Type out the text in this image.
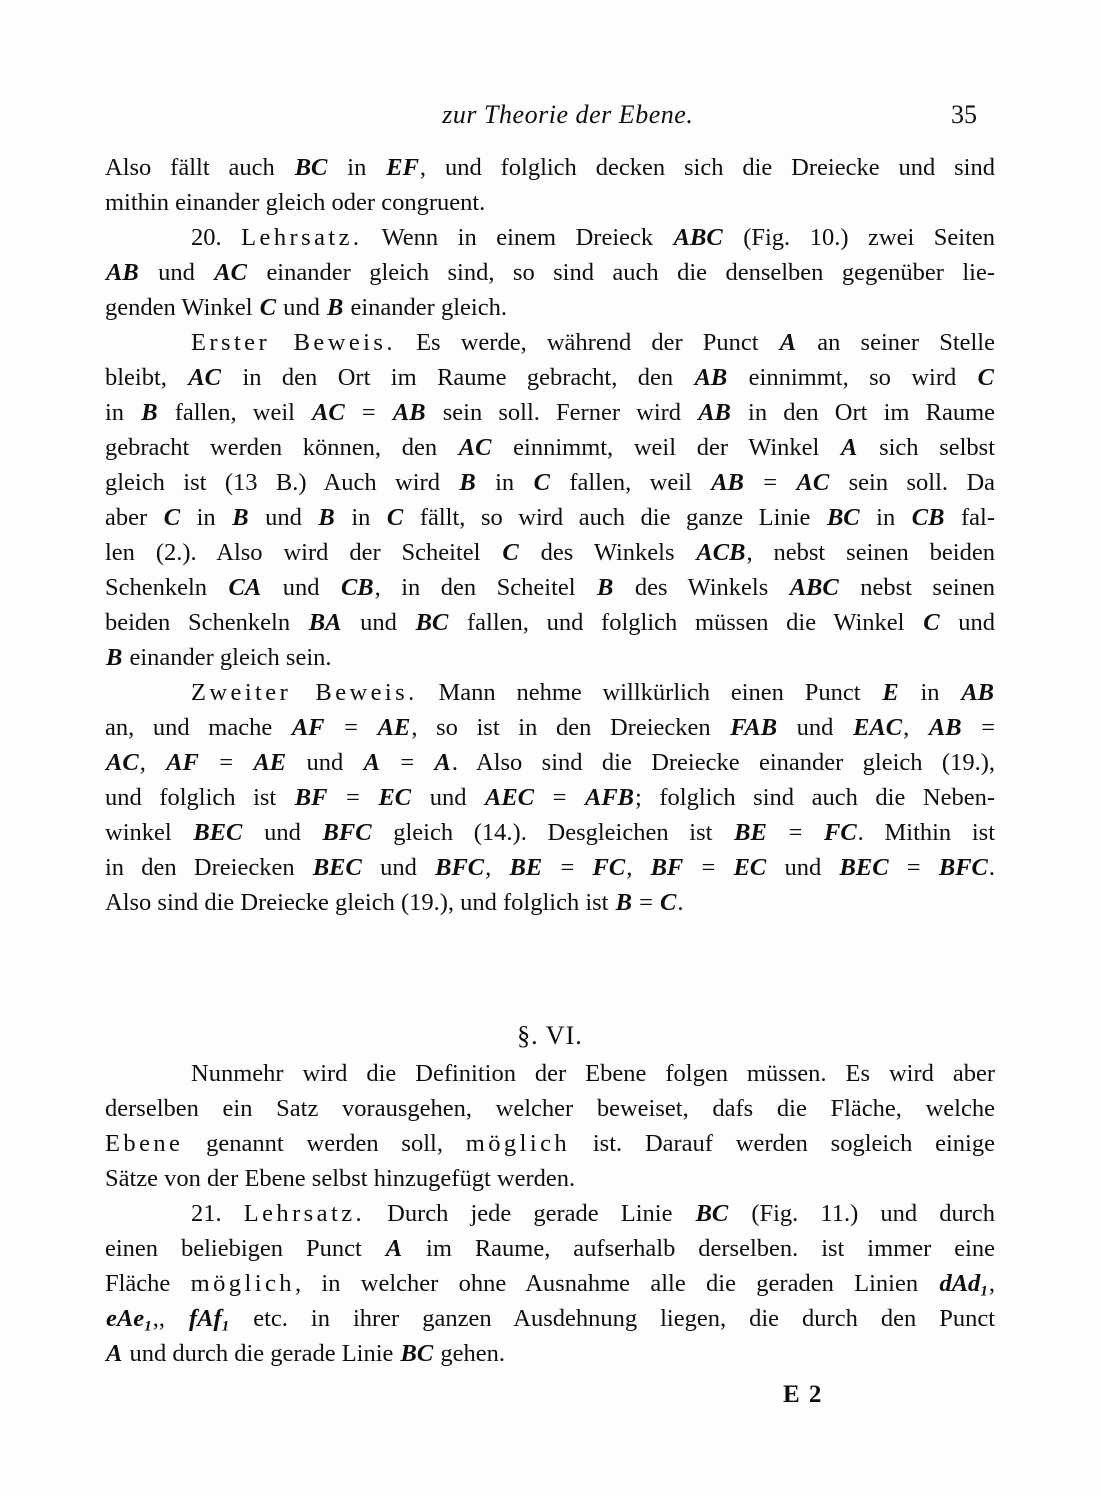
zur Theorie der Ebene.	35
Also fällt auch BC in EF, und folglich decken sich die Dreiecke und sind
mithin einander gleich oder congruent.
20. Lehrsatz. Wenn in einem Dreieck ABC (Fig. 10.) zwei Seiten
AB und AC einander gleich sind, so sind auch die denselben gegenüber lie-
genden Winkel C und B einander gleich.
Erster Beweis. Es werde, während der Punct A an seiner Stelle
bleibt, AC in den Ort im Raume gebracht, den AB einnimmt, so wird C
in B fallen, weil AC = AB sein soll. Ferner wird AB in den Ort im Raume
gebracht werden können, den AC einnimmt, weil der Winkel A sich selbst
gleich ist (13 B.) Auch wird B in C fallen, weil AB = AC sein soll. Da
aber C in B und B in C fällt, so wird auch die ganze Linie BC in CB fal-
len (2.). Also wird der Scheitel C des Winkels ACB, nebst seinen beiden
Schenkeln CA und CB, in den Scheitel B des Winkels ABC nebst seinen
beiden Schenkeln BA und BC fallen, und folglich müssen die Winkel C und
B einander gleich sein.
Zweiter Beweis. Mann nehme willkürlich einen Punct E in AB
an, und mache AF = AE, so ist in den Dreiecken FAB und EAC, AB =
AC, AF = AE und A = A. Also sind die Dreiecke einander gleich (19.),
und folglich ist BF = EC und AEC = AFB; folglich sind auch die Neben-
winkel BEC und BFC gleich (14.). Desgleichen ist BE = FC. Mithin ist
in den Dreiecken BEC und BFC, BE = FC, BF = EC und BEC = BFC.
Also sind die Dreiecke gleich (19.), und folglich ist B = C.
§. VI.
Nunmehr wird die Definition der Ebene folgen müssen. Es wird aber
derselben ein Satz vorausgehen, welcher beweiset, dafs die Fläche, welche
Ebene genannt werden soll, möglich ist. Darauf werden sogleich einige
Sätze von der Ebene selbst hinzugefügt werden.
21. Lehrsatz. Durch jede gerade Linie BC (Fig. 11.) und durch
einen beliebigen Punct A im Raume, aufserhalb derselben. ist immer eine
Fläche möglich, in welcher ohne Ausnahme alle die geraden Linien dAd$_1$,
eAe$_1$,, fAf$_1$ etc. in ihrer ganzen Ausdehnung liegen, die durch den Punct
A und durch die gerade Linie BC gehen.
E 2
